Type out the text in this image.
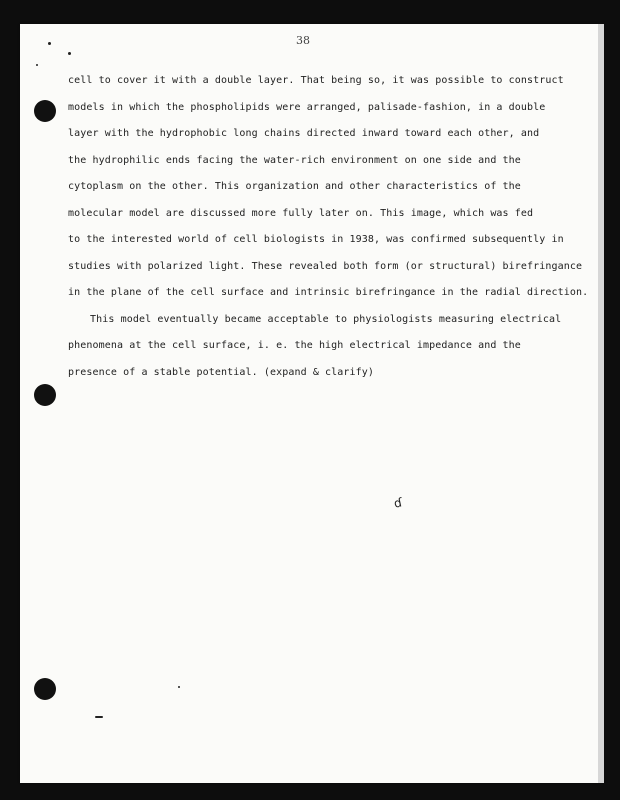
38
cell to cover it with a double layer. That being so, it was possible to construct
models in which the phospholipids were arranged, palisade-fashion, in a double
layer with the hydrophobic long chains directed inward toward each other, and
the hydrophilic ends facing the water-rich environment on one side and the
cytoplasm on the other. This organization and other characteristics of the
molecular model are discussed more fully later on. This image, which was fed
to the interested world of cell biologists in 1938, was confirmed subsequently in
studies with polarized light. These revealed both form (or structural) birefringance
in the plane of the cell surface and intrinsic birefringance in the radial direction.
This model eventually became acceptable to physiologists measuring electrical
phenomena at the cell surface, i. e. the high electrical impedance and the
presence of a stable potential. (expand & clarify)
ɗ
